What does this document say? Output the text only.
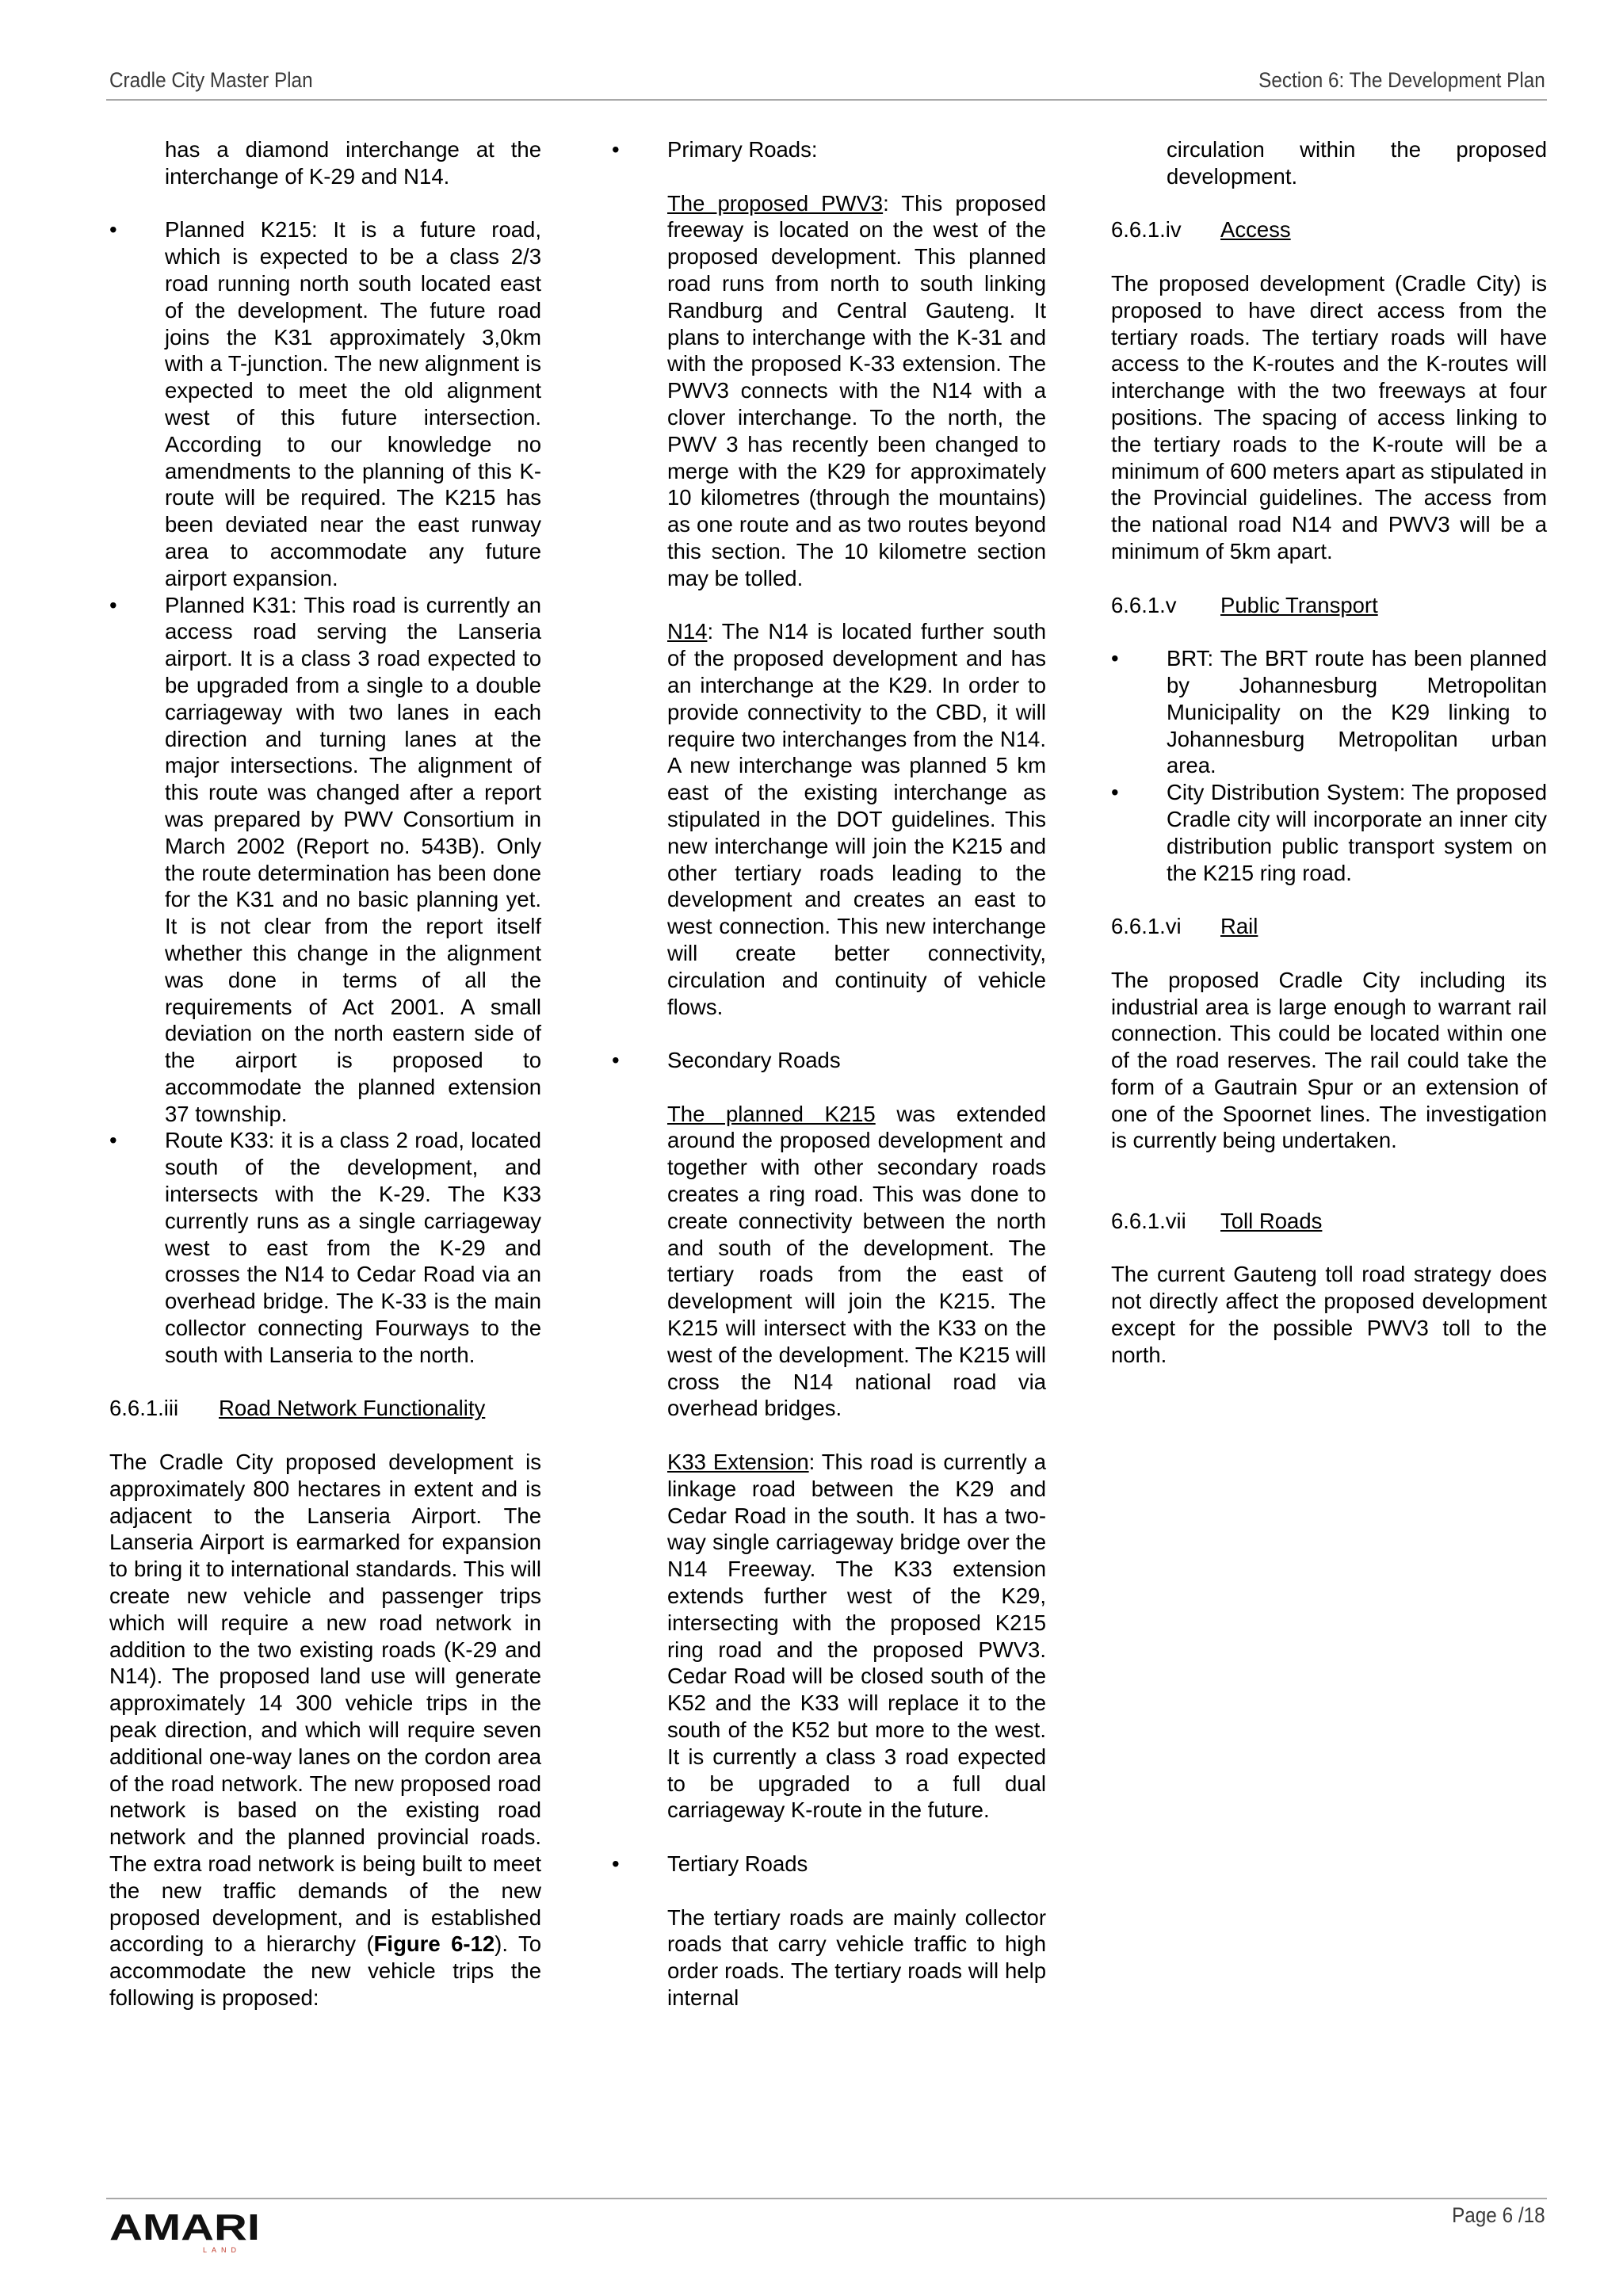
Cradle City Master Plan	Section 6: The Development Plan

has a diamond interchange at the interchange of K-29 and N14.

• Planned K215: It is a future road, which is expected to be a class 2/3 road running north south located east of the development. The future road joins the K31 approximately 3,0km with a T-junction. The new alignment is expected to meet the old alignment west of this future intersection. According to our knowledge no amendments to the planning of this K-route will be required. The K215 has been deviated near the east runway area to accommodate any future airport expansion.
• Planned K31: This road is currently an access road serving the Lanseria airport. It is a class 3 road expected to be upgraded from a single to a double carriageway with two lanes in each direction and turning lanes at the major intersections. The alignment of this route was changed after a report was prepared by PWV Consortium in March 2002 (Report no. 543B). Only the route determination has been done for the K31 and no basic planning yet. It is not clear from the report itself whether this change in the alignment was done in terms of all the requirements of Act 2001. A small deviation on the north eastern side of the airport is proposed to accommodate the planned extension 37 township.
• Route K33: it is a class 2 road, located south of the development, and intersects with the K-29. The K33 currently runs as a single carriageway west to east from the K-29 and crosses the N14 to Cedar Road via an overhead bridge. The K-33 is the main collector connecting Fourways to the south with Lanseria to the north.

6.6.1.iii Road Network Functionality

The Cradle City proposed development is approximately 800 hectares in extent and is adjacent to the Lanseria Airport. The Lanseria Airport is earmarked for expansion to bring it to international standards. This will create new vehicle and passenger trips which will require a new road network in addition to the two existing roads (K-29 and N14). The proposed land use will generate approximately 14 300 vehicle trips in the peak direction, and which will require seven additional one-way lanes on the cordon area of the road network. The new proposed road network is based on the existing road network and the planned provincial roads. The extra road network is being built to meet the new traffic demands of the new proposed development, and is established according to a hierarchy (Figure 6-12). To accommodate the new vehicle trips the following is proposed:

• Primary Roads:

The proposed PWV3: This proposed freeway is located on the west of the proposed development. This planned road runs from north to south linking Randburg and Central Gauteng. It plans to interchange with the K-31 and with the proposed K-33 extension. The PWV3 connects with the N14 with a clover interchange. To the north, the PWV 3 has recently been changed to merge with the K29 for approximately 10 kilometres (through the mountains) as one route and as two routes beyond this section. The 10 kilometre section may be tolled.

N14: The N14 is located further south of the proposed development and has an interchange at the K29. In order to provide connectivity to the CBD, it will require two interchanges from the N14. A new interchange was planned 5 km east of the existing interchange as stipulated in the DOT guidelines. This new interchange will join the K215 and other tertiary roads leading to the development and creates an east to west connection. This new interchange will create better connectivity, circulation and continuity of vehicle flows.

• Secondary Roads

The planned K215 was extended around the proposed development and together with other secondary roads creates a ring road. This was done to create connectivity between the north and south of the development. The tertiary roads from the east of development will join the K215. The K215 will intersect with the K33 on the west of the development. The K215 will cross the N14 national road via overhead bridges.

K33 Extension: This road is currently a linkage road between the K29 and Cedar Road in the south. It has a two-way single carriageway bridge over the N14 Freeway. The K33 extension extends further west of the K29, intersecting with the proposed K215 ring road and the proposed PWV3. Cedar Road will be closed south of the K52 and the K33 will replace it to the south of the K52 but more to the west. It is currently a class 3 road expected to be upgraded to a full dual carriageway K-route in the future.

• Tertiary Roads

The tertiary roads are mainly collector roads that carry vehicle traffic to high order roads. The tertiary roads will help internal

circulation within the proposed development.

6.6.1.iv Access

The proposed development (Cradle City) is proposed to have direct access from the tertiary roads. The tertiary roads will have access to the K-routes and the K-routes will interchange with the two freeways at four positions. The spacing of access linking to the tertiary roads to the K-route will be a minimum of 600 meters apart as stipulated in the Provincial guidelines. The access from the national road N14 and PWV3 will be a minimum of 5km apart.

6.6.1.v Public Transport

• BRT: The BRT route has been planned by Johannesburg Metropolitan Municipality on the K29 linking to Johannesburg Metropolitan urban area.
• City Distribution System: The proposed Cradle city will incorporate an inner city distribution public transport system on the K215 ring road.

6.6.1.vi Rail

The proposed Cradle City including its industrial area is large enough to warrant rail connection. This could be located within one of the road reserves. The rail could take the form of a Gautrain Spur or an extension of one of the Spoornet lines. The investigation is currently being undertaken.

6.6.1.vii Toll Roads

The current Gauteng toll road strategy does not directly affect the proposed development except for the possible PWV3 toll to the north.

AMARI
LAND
Page 6 /18
